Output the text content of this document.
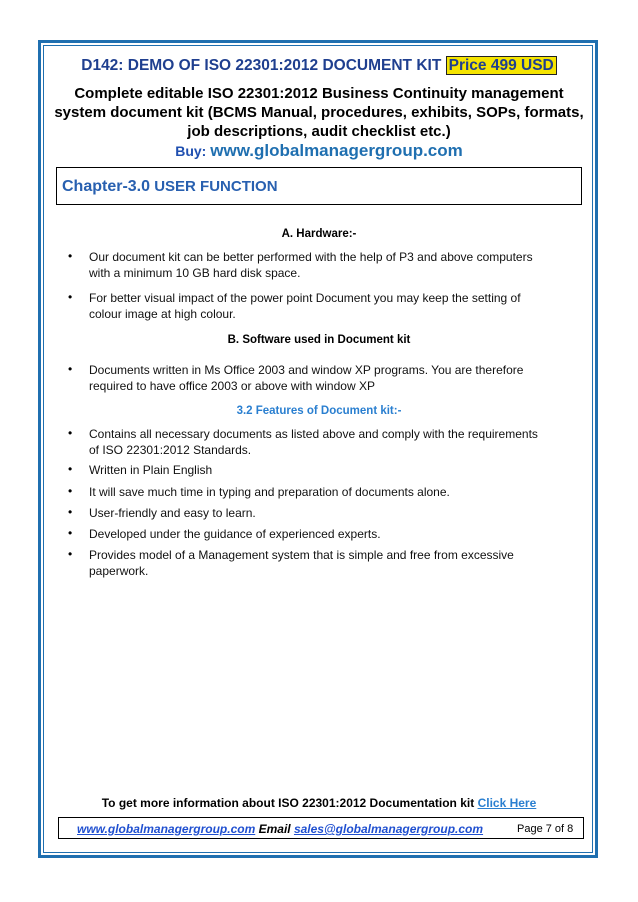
D142: DEMO OF ISO 22301:2012 DOCUMENT KIT Price 499 USD
Complete editable ISO 22301:2012 Business Continuity management
system document kit (BCMS Manual, procedures, exhibits, SOPs, formats,
job descriptions, audit checklist etc.)
Buy: www.globalmanagergroup.com
Chapter-3.0 USER FUNCTION
A. Hardware:-
• Our document kit can be better performed with the help of P3 and above computers
with a minimum 10 GB hard disk space.
• For better visual impact of the power point Document you may keep the setting of
colour image at high colour.
B. Software used in Document kit
• Documents written in Ms Office 2003 and window XP programs. You are therefore
required to have office 2003 or above with window XP
3.2 Features of Document kit:-
• Contains all necessary documents as listed above and comply with the requirements
of ISO 22301:2012 Standards.
• Written in Plain English
• It will save much time in typing and preparation of documents alone.
• User-friendly and easy to learn.
• Developed under the guidance of experienced experts.
• Provides model of a Management system that is simple and free from excessive
paperwork.
To get more information about ISO 22301:2012 Documentation kit Click Here
www.globalmanagergroup.com Email sales@globalmanagergroup.com	Page 7 of 8
